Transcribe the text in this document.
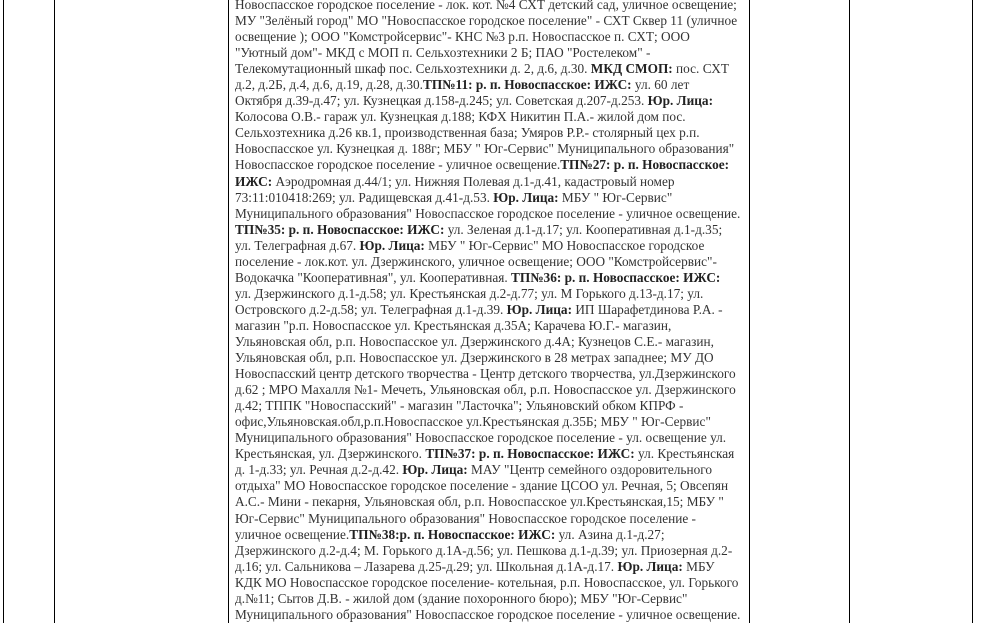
Новоспасское городское поселение - лок. кот. №4 СХТ детский сад, уличное освещение;
МУ "Зелёный город" МО "Новоспасское городское поселение" - СХТ Сквер 11 (уличное
освещение ); ООО "Комстройсервис"- КНС №3 р.п. Новоспасское п. СХТ; ООО
"Уютный дом"- МКД с МОП п. Сельхозтехники 2 Б; ПАО "Ростелеком" -
Телекомутационный шкаф пос. Сельхозтехники д. 2, д.6, д.30. МКД СМОП: пос. СХТ
д.2, д.2Б, д.4, д.6, д.19, д.28, д.30.ТП№11: р. п. Новоспасское: ИЖС: ул. 60 лет
Октября д.39-д.47; ул. Кузнецкая д.158-д.245; ул. Советская д.207-д.253. Юр. Лица:
Колосова О.В.- гараж ул. Кузнецкая д.188; КФХ Никитин П.А.- жилой дом пос.
Сельхозтехника д.26 кв.1, производственная база; Умяров Р.Р.- столярный цех р.п.
Новоспасское ул. Кузнецкая д. 188г; МБУ " Юг-Сервис" Муниципального образования"
Новоспасское городское поселение - уличное освещение.ТП№27: р. п. Новоспасское:
ИЖС: Аэродромная д.44/1; ул. Нижняя Полевая д.1-д.41, кадастровый номер
73:11:010418:269; ул. Радищевская д.41-д.53. Юр. Лица: МБУ " Юг-Сервис"
Муниципального образования" Новоспасское городское поселение - уличное освещение.
ТП№35: р. п. Новоспасское: ИЖС: ул. Зеленая д.1-д.17; ул. Кооперативная д.1-д.35;
ул. Телеграфная д.67. Юр. Лица: МБУ " Юг-Сервис" МО Новоспасское городское
поселение - лок.кот. ул. Дзержинского, уличное освещение; ООО "Комстройсервис"-
Водокачка "Кооперативная", ул. Кооперативная. ТП№36: р. п. Новоспасское: ИЖС:
ул. Дзержинского д.1-д.58; ул. Крестьянская д.2-д.77; ул. М Горького д.13-д.17; ул.
Островского д.2-д.58; ул. Телеграфная д.1-д.39. Юр. Лица: ИП Шарафетдинова Р.А. -
магазин "р.п. Новоспасское ул. Крестьянская д.35А; Карачева Ю.Г.- магазин,
Ульяновская обл, р.п. Новоспасское ул. Дзержинского д.4А; Кузнецов С.Е.- магазин,
Ульяновская обл, р.п. Новоспасское ул. Дзержинского в 28 метрах западнее; МУ ДО
Новоспасский центр детского творчества - Центр детского творчества, ул.Дзержинского
д.62 ; МРО Махалля №1- Мечеть, Ульяновская обл, р.п. Новоспасское ул. Дзержинского
д.42; ТППК "Новоспасский" - магазин "Ласточка"; Ульяновский обком КПРФ -
офис,Ульяновская.обл,р.п.Новоспасское ул.Крестьянская д.35Б; МБУ " Юг-Сервис"
Муниципального образования" Новоспасское городское поселение - ул. освещение ул.
Крестьянская, ул. Дзержинского. ТП№37: р. п. Новоспасское: ИЖС: ул. Крестьянская
д. 1-д.33; ул. Речная д.2-д.42. Юр. Лица: МАУ "Центр семейного оздоровительного
отдыха" МО Новоспасское городское поселение - здание ЦСОО ул. Речная, 5; Овсепян
А.С.- Мини - пекарня, Ульяновская обл, р.п. Новоспасское ул.Крестьянская,15; МБУ "
Юг-Сервис" Муниципального образования" Новоспасское городское поселение -
уличное освещение.ТП№38:р. п. Новоспасское: ИЖС: ул. Азина д.1-д.27;
Дзержинского д.2-д.4; М. Горького д.1А-д.56; ул. Пешкова д.1-д.39; ул. Приозерная д.2-
д.16; ул. Сальникова – Лазарева д.25-д.29; ул. Школьная д.1А-д.17. Юр. Лица: МБУ
КДК МО Новоспасское городское поселение- котельная, р.п. Новоспасское, ул. Горького
д.№11; Сытов Д.В. - жилой дом (здание похоронного бюро); МБУ "Юг-Сервис"
Муниципального образования" Новоспасское городское поселение - уличное освещение.
